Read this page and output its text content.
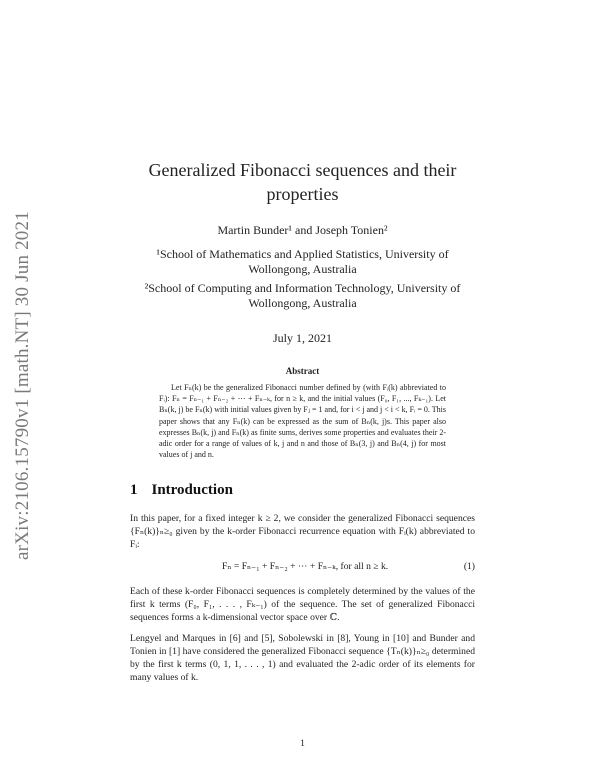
arXiv:2106.15790v1 [math.NT] 30 Jun 2021
Generalized Fibonacci sequences and their properties
Martin Bunder¹ and Joseph Tonien²
¹School of Mathematics and Applied Statistics, University of Wollongong, Australia
²School of Computing and Information Technology, University of Wollongong, Australia
July 1, 2021
Abstract
Let Fₙ(k) be the generalized Fibonacci number defined by (with Fᵢ(k) abbreviated to Fᵢ): Fₙ = Fₙ₋₁ + Fₙ₋₂ + ⋯ + Fₙ₋ₖ, for n ≥ k, and the initial values (F₀, F₁, ..., Fₖ₋₁). Let Bₙ(k, j) be Fₙ(k) with initial values given by Fⱼ = 1 and, for i < j and j < i < k, Fᵢ = 0. This paper shows that any Fₙ(k) can be expressed as the sum of Bₙ(k, j)s. This paper also expresses Bₙ(k, j) and Fₙ(k) as finite sums, derives some properties and evaluates their 2-adic order for a range of values of k, j and n and those of Bₙ(3, j) and Bₙ(4, j) for most values of j and n.
1 Introduction
In this paper, for a fixed integer k ≥ 2, we consider the generalized Fibonacci sequences {Fₙ(k)}ₙ≥₀ given by the k-order Fibonacci recurrence equation with Fᵢ(k) abbreviated to Fᵢ:
Fₙ = Fₙ₋₁ + Fₙ₋₂ + ⋯ + Fₙ₋ₖ, for all n ≥ k.	(1)
Each of these k-order Fibonacci sequences is completely determined by the values of the first k terms (F₀, F₁, . . . , Fₖ₋₁) of the sequence. The set of generalized Fibonacci sequences forms a k-dimensional vector space over ℂ.
Lengyel and Marques in [6] and [5], Sobolewski in [8], Young in [10] and Bunder and Tonien in [1] have considered the generalized Fibonacci sequence {Tₙ(k)}ₙ≥₀ determined by the first k terms (0, 1, 1, . . . , 1) and evaluated the 2-adic order of its elements for many values of k.
1
